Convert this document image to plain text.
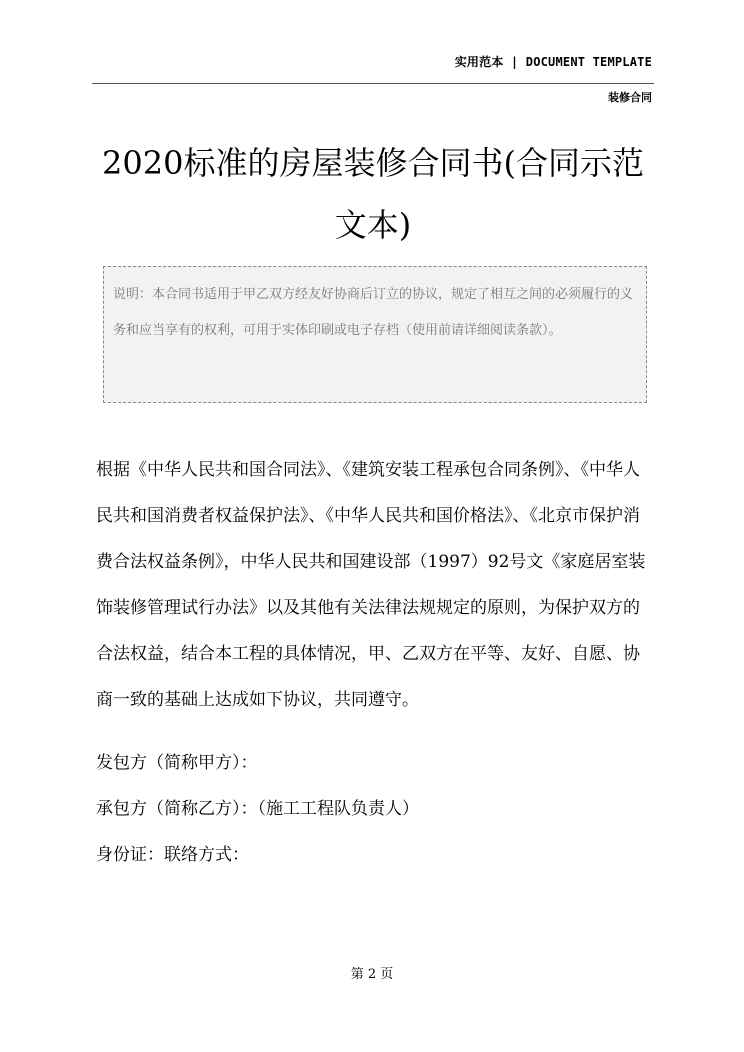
实用范本 | DOCUMENT TEMPLATE
装修合同
2020标准的房屋装修合同书(合同示范文本)

说明：本合同书适用于甲乙双方经友好协商后订立的协议，规定了相互之间的必须履行的义务和应当享有的权利，可用于实体印刷或电子存档（使用前请详细阅读条款）。

根据《中华人民共和国合同法》、《建筑安装工程承包合同条例》、《中华人民共和国消费者权益保护法》、《中华人民共和国价格法》、《北京市保护消费合法权益条例》，中华人民共和国建设部（1997）92号文《家庭居室装饰装修管理试行办法》以及其他有关法律法规规定的原则，为保护双方的合法权益，结合本工程的具体情况，甲、乙双方在平等、友好、自愿、协商一致的基础上达成如下协议，共同遵守。

发包方（简称甲方）：

承包方（简称乙方）：（施工工程队负责人）

身份证：联络方式：

第 2 页
